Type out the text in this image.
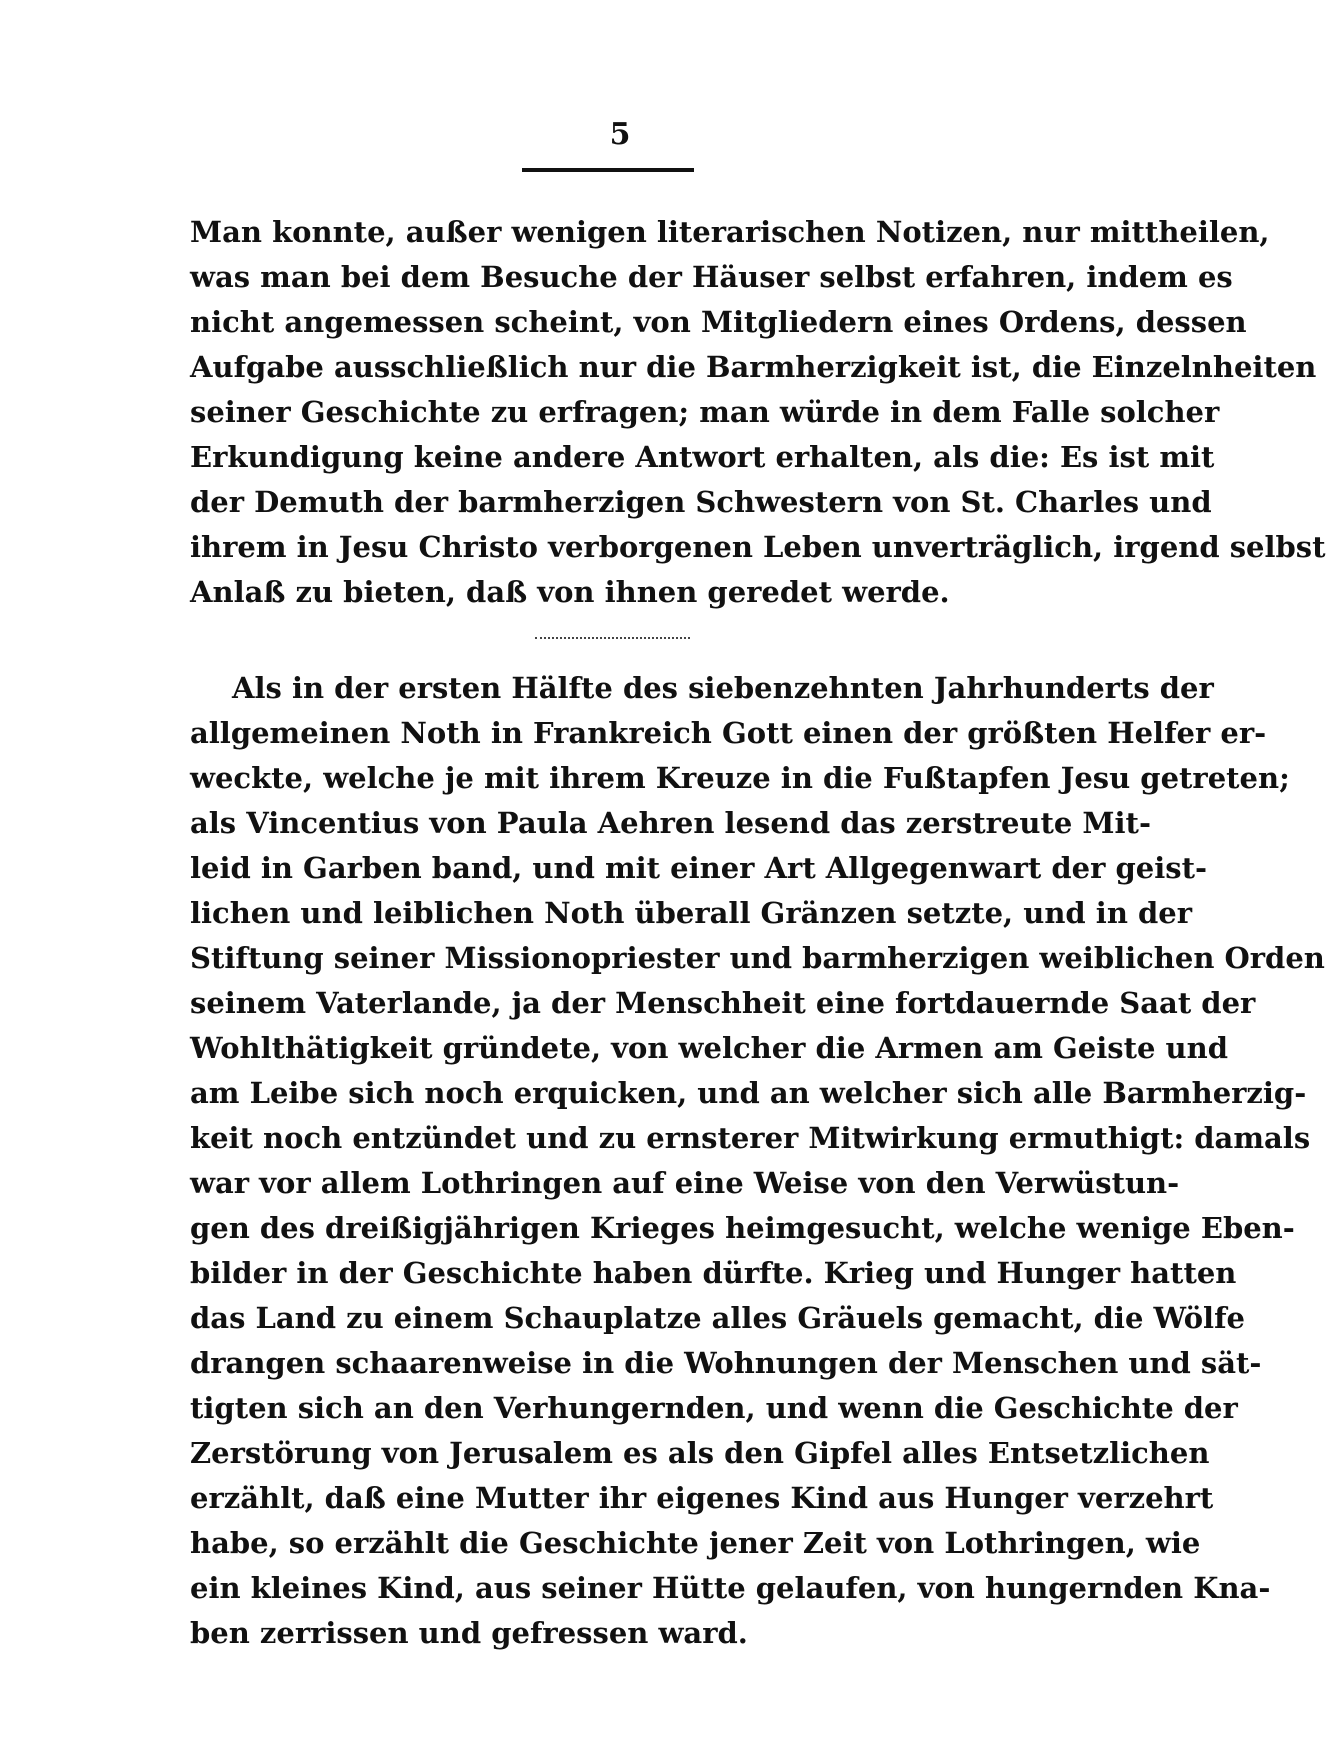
5
Man konnte, außer wenigen literarischen Notizen, nur mittheilen,
was man bei dem Besuche der Häuser selbst erfahren, indem es
nicht angemessen scheint, von Mitgliedern eines Ordens, dessen
Aufgabe ausschließlich nur die Barmherzigkeit ist, die Einzelnheiten
seiner Geschichte zu erfragen; man würde in dem Falle solcher
Erkundigung keine andere Antwort erhalten, als die: Es ist mit
der Demuth der barmherzigen Schwestern von St. Charles und
ihrem in Jesu Christo verborgenen Leben unverträglich, irgend selbst
Anlaß zu bieten, daß von ihnen geredet werde.
Als in der ersten Hälfte des siebenzehnten Jahrhunderts der
allgemeinen Noth in Frankreich Gott einen der größten Helfer er-
weckte, welche je mit ihrem Kreuze in die Fußtapfen Jesu getreten;
als Vincentius von Paula Aehren lesend das zerstreute Mit-
leid in Garben band, und mit einer Art Allgegenwart der geist-
lichen und leiblichen Noth überall Gränzen setzte, und in der
Stiftung seiner Missionopriester und barmherzigen weiblichen Orden
seinem Vaterlande, ja der Menschheit eine fortdauernde Saat der
Wohlthätigkeit gründete, von welcher die Armen am Geiste und
am Leibe sich noch erquicken, und an welcher sich alle Barmherzig-
keit noch entzündet und zu ernsterer Mitwirkung ermuthigt: damals
war vor allem Lothringen auf eine Weise von den Verwüstun-
gen des dreißigjährigen Krieges heimgesucht, welche wenige Eben-
bilder in der Geschichte haben dürfte. Krieg und Hunger hatten
das Land zu einem Schauplatze alles Gräuels gemacht, die Wölfe
drangen schaarenweise in die Wohnungen der Menschen und sät-
tigten sich an den Verhungernden, und wenn die Geschichte der
Zerstörung von Jerusalem es als den Gipfel alles Entsetzlichen
erzählt, daß eine Mutter ihr eigenes Kind aus Hunger verzehrt
habe, so erzählt die Geschichte jener Zeit von Lothringen, wie
ein kleines Kind, aus seiner Hütte gelaufen, von hungernden Kna-
ben zerrissen und gefressen ward.
